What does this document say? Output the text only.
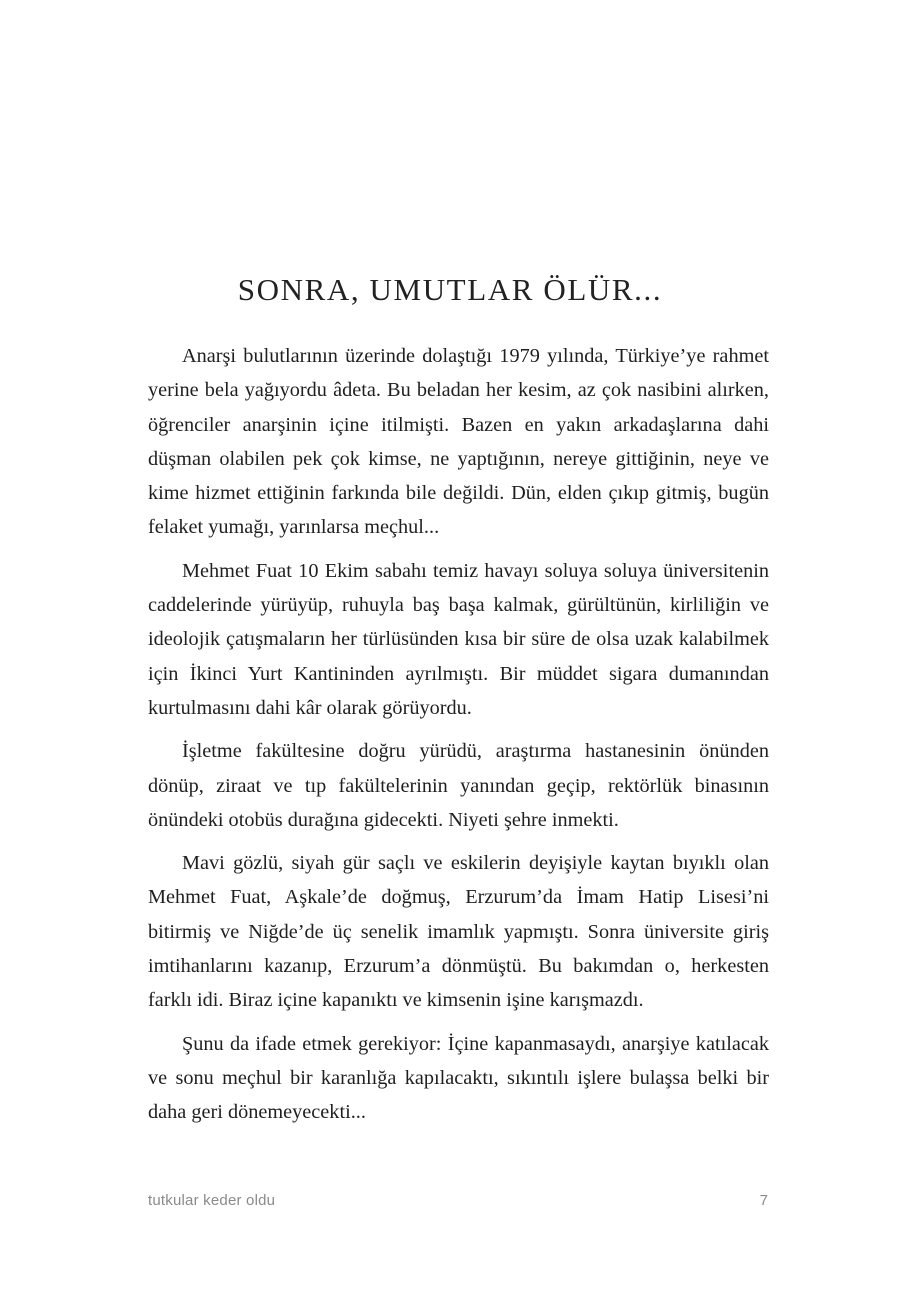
SONRA, UMUTLAR ÖLÜR...

Anarşi bulutlarının üzerinde dolaştığı 1979 yılında, Türkiye’ye rahmet yerine bela yağıyordu âdeta. Bu beladan her kesim, az çok nasibini alırken, öğrenciler anarşinin içine itilmişti. Bazen en yakın arkadaşlarına dahi düşman olabilen pek çok kimse, ne yaptığının, nereye gittiğinin, neye ve kime hizmet ettiğinin farkında bile değildi. Dün, elden çıkıp gitmiş, bugün felaket yumağı, yarınlarsa meçhul...

Mehmet Fuat 10 Ekim sabahı temiz havayı soluya soluya üniversitenin caddelerinde yürüyüp, ruhuyla baş başa kalmak, gürültünün, kirliliğin ve ideolojik çatışmaların her türlüsünden kısa bir süre de olsa uzak kalabilmek için İkinci Yurt Kantininden ayrılmıştı. Bir müddet sigara dumanından kurtulmasını dahi kâr olarak görüyordu.

İşletme fakültesine doğru yürüdü, araştırma hastanesinin önünden dönüp, ziraat ve tıp fakültelerinin yanından geçip, rektörlük binasının önündeki otobüs durağına gidecekti. Niyeti şehre inmekti.

Mavi gözlü, siyah gür saçlı ve eskilerin deyişiyle kaytan bıyıklı olan Mehmet Fuat, Aşkale’de doğmuş, Erzurum’da İmam Hatip Lisesi’ni bitirmiş ve Niğde’de üç senelik imamlık yapmıştı. Sonra üniversite giriş imtihanlarını kazanıp, Erzurum’a dönmüştü. Bu bakımdan o, herkesten farklı idi. Biraz içine kapanıktı ve kimsenin işine karışmazdı.

Şunu da ifade etmek gerekiyor: İçine kapanmasaydı, anarşiye katılacak ve sonu meçhul bir karanlığa kapılacaktı, sıkıntılı işlere bulaşsa belki bir daha geri dönemeyecekti...

tutkular keder oldu	7
